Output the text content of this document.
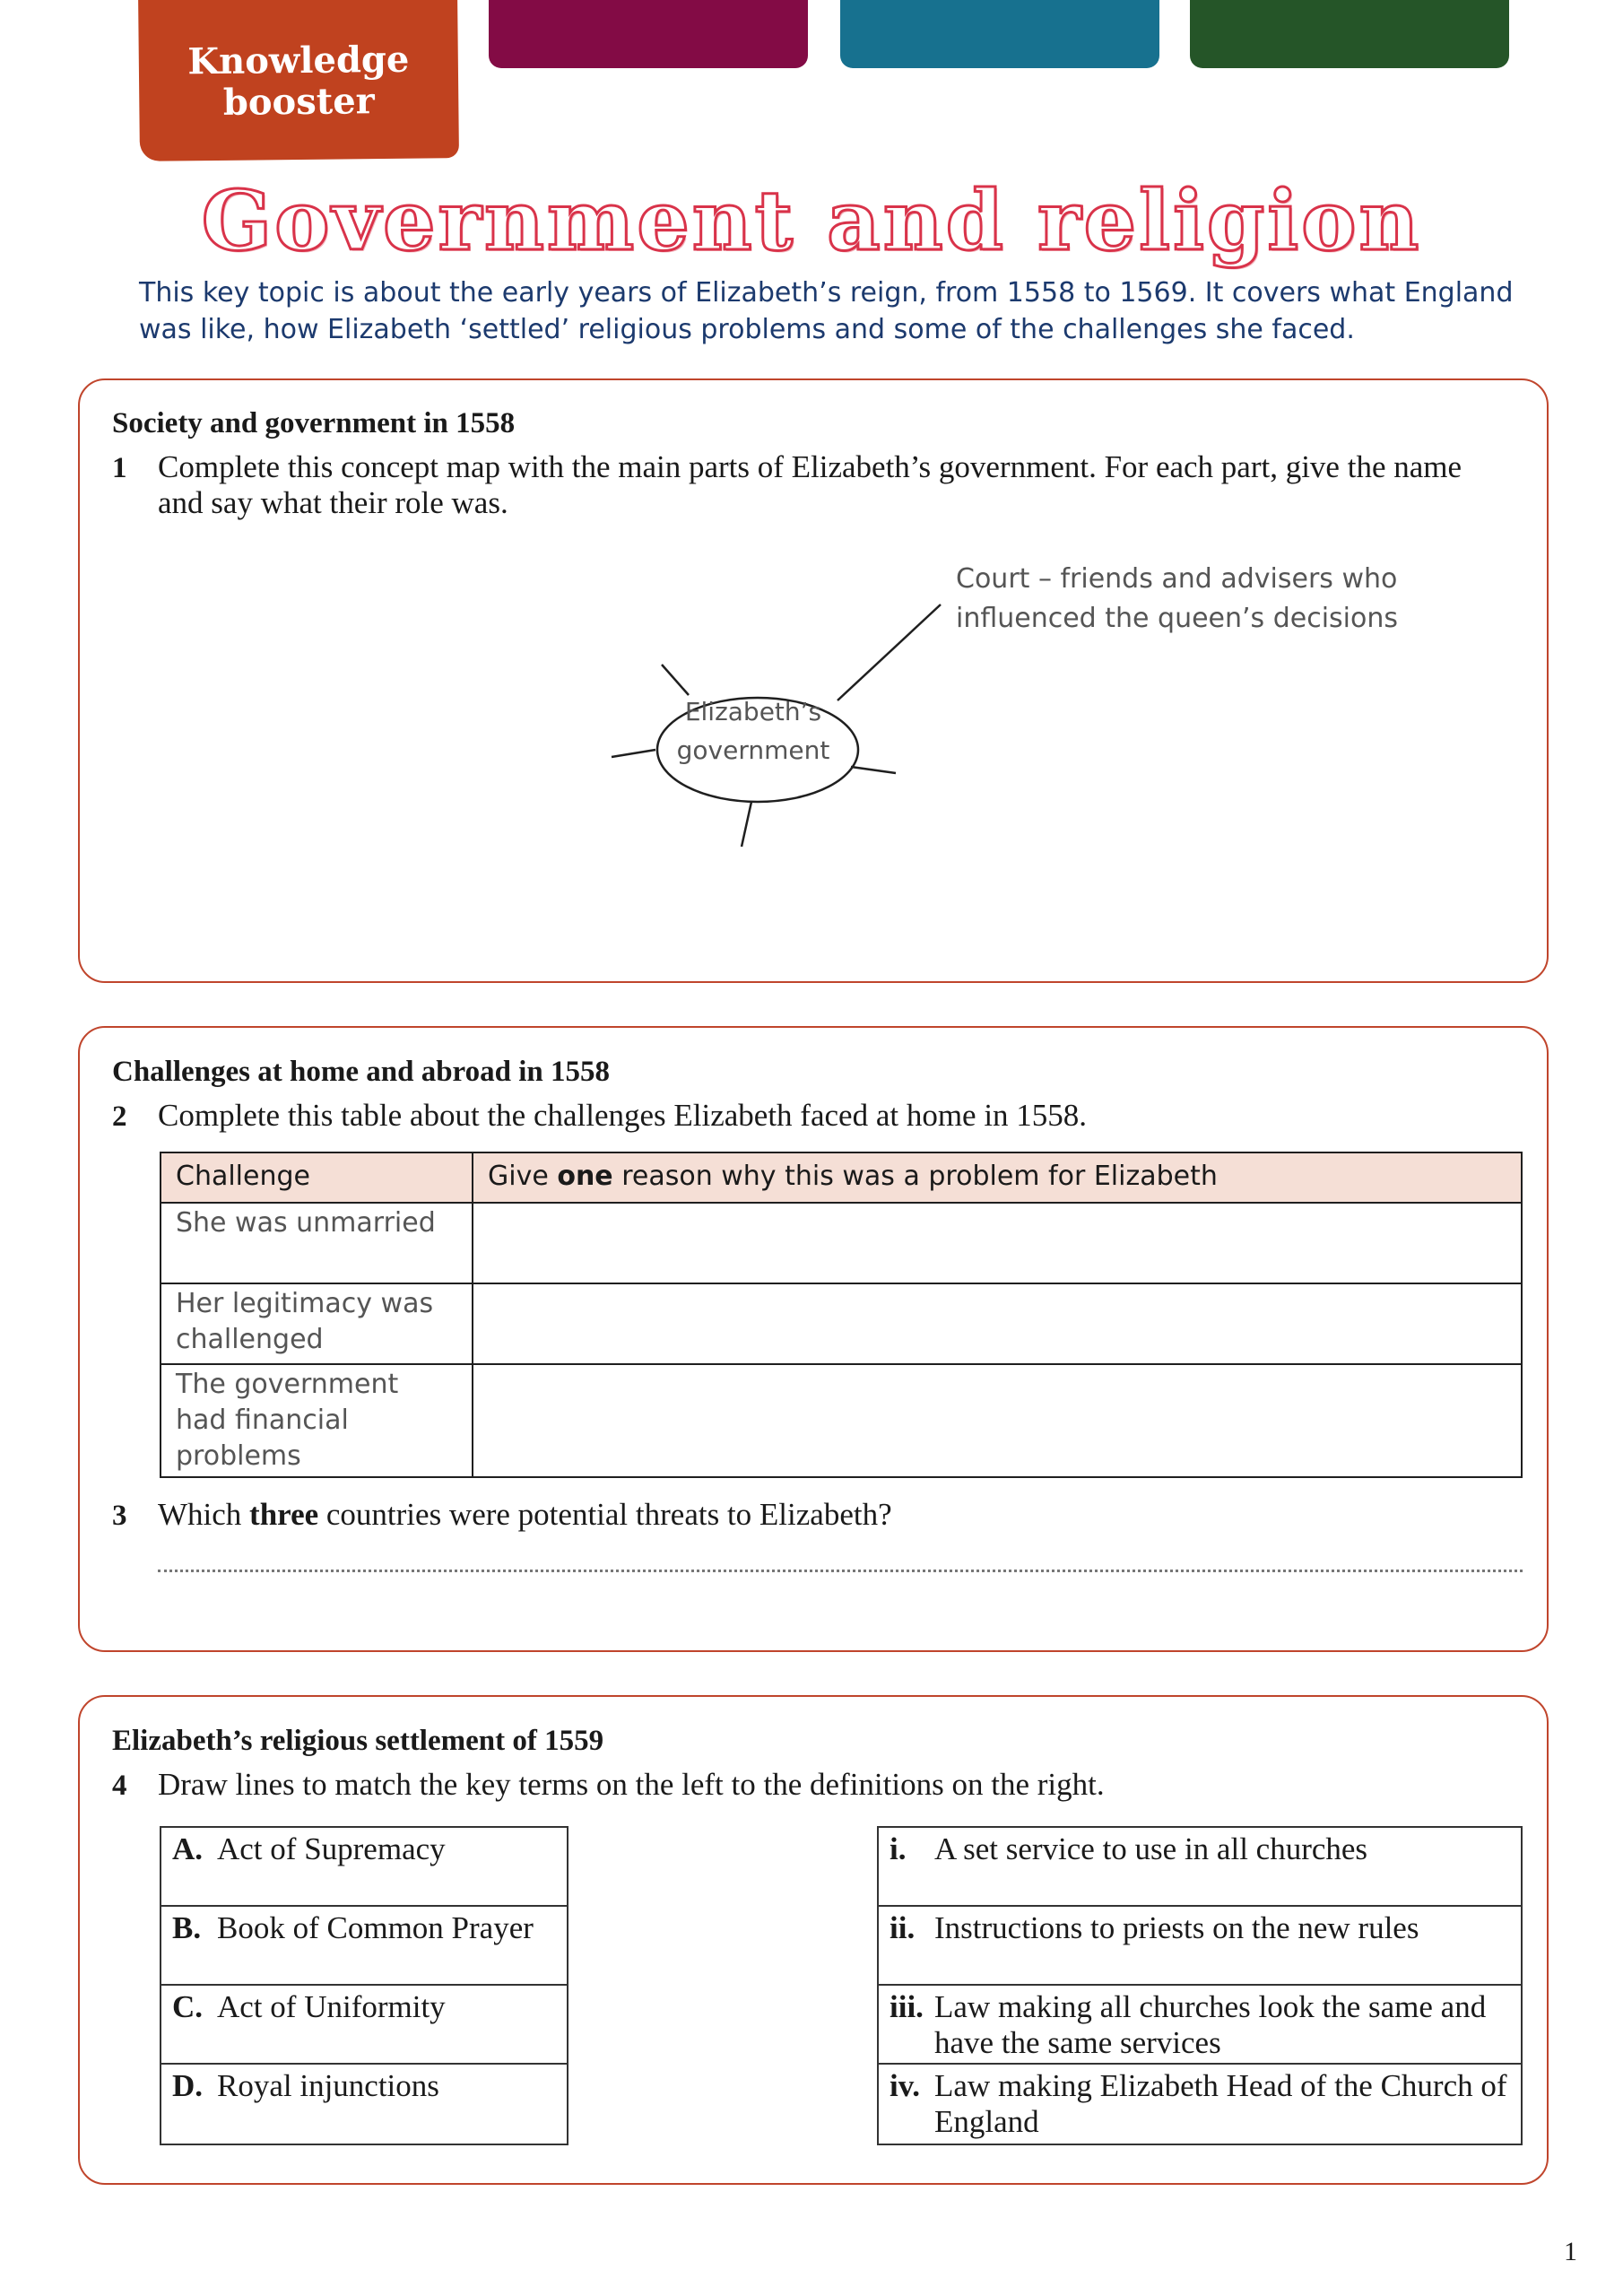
Knowledge
booster
Government and religion
This key topic is about the early years of Elizabeth’s reign, from 1558 to 1569. It covers what England was like, how Elizabeth ‘settled’ religious problems and some of the challenges she faced.
Society and government in 1558
1 Complete this concept map with the main parts of Elizabeth’s government. For each part, give the name and say what their role was.
Elizabeth’s
government
Court – friends and advisers who
influenced the queen’s decisions
Challenges at home and abroad in 1558
2 Complete this table about the challenges Elizabeth faced at home in 1558.
Challenge	Give one reason why this was a problem for Elizabeth
She was unmarried	
Her legitimacy was challenged	
The government had financial problems	
3 Which three countries were potential threats to Elizabeth?
Elizabeth’s religious settlement of 1559
4 Draw lines to match the key terms on the left to the definitions on the right.
A. Act of Supremacy
B. Book of Common Prayer
C. Act of Uniformity
D. Royal injunctions
i. A set service to use in all churches
ii. Instructions to priests on the new rules
iii. Law making all churches look the same and have the same services
iv. Law making Elizabeth Head of the Church of England
1
